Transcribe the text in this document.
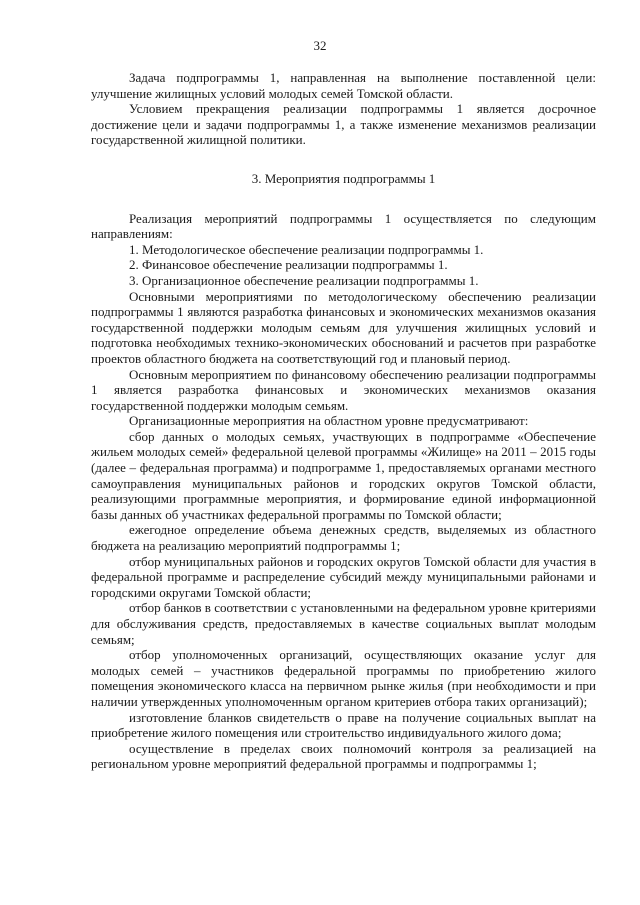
32

Задача подпрограммы 1, направленная на выполнение поставленной цели: улучшение жилищных условий молодых семей Томской области.

Условием прекращения реализации подпрограммы 1 является досрочное достижение цели и задачи подпрограммы 1, а также изменение механизмов реализации государственной жилищной политики.

3. Мероприятия подпрограммы 1

Реализация мероприятий подпрограммы 1 осуществляется по следующим направлениям:

1. Методологическое обеспечение реализации подпрограммы 1.

2. Финансовое обеспечение реализации подпрограммы 1.

3. Организационное обеспечение реализации подпрограммы 1.

Основными мероприятиями по методологическому обеспечению реализации подпрограммы 1 являются разработка финансовых и экономических механизмов оказания государственной поддержки молодым семьям для улучшения жилищных условий и подготовка необходимых технико-экономических обоснований и расчетов при разработке проектов областного бюджета на соответствующий год и плановый период.

Основным мероприятием по финансовому обеспечению реализации подпрограммы 1 является разработка финансовых и экономических механизмов оказания государственной поддержки молодым семьям.

Организационные мероприятия на областном уровне предусматривают:

сбор данных о молодых семьях, участвующих в подпрограмме «Обеспечение жильем молодых семей» федеральной целевой программы «Жилище» на 2011 – 2015 годы (далее – федеральная программа) и подпрограмме 1, предоставляемых органами местного самоуправления муниципальных районов и городских округов Томской области, реализующими программные мероприятия, и формирование единой информационной базы данных об участниках федеральной программы по Томской области;

ежегодное определение объема денежных средств, выделяемых из областного бюджета на реализацию мероприятий подпрограммы 1;

отбор муниципальных районов и городских округов Томской области для участия в федеральной программе и распределение субсидий между муниципальными районами и городскими округами Томской области;

отбор банков в соответствии с установленными на федеральном уровне критериями для обслуживания средств, предоставляемых в качестве социальных выплат молодым семьям;

отбор уполномоченных организаций, осуществляющих оказание услуг для молодых семей – участников федеральной программы по приобретению жилого помещения экономического класса на первичном рынке жилья (при необходимости и при наличии утвержденных уполномоченным органом критериев отбора таких организаций);

изготовление бланков свидетельств о праве на получение социальных выплат на приобретение жилого помещения или строительство индивидуального жилого дома;

осуществление в пределах своих полномочий контроля за реализацией на региональном уровне мероприятий федеральной программы и подпрограммы 1;
